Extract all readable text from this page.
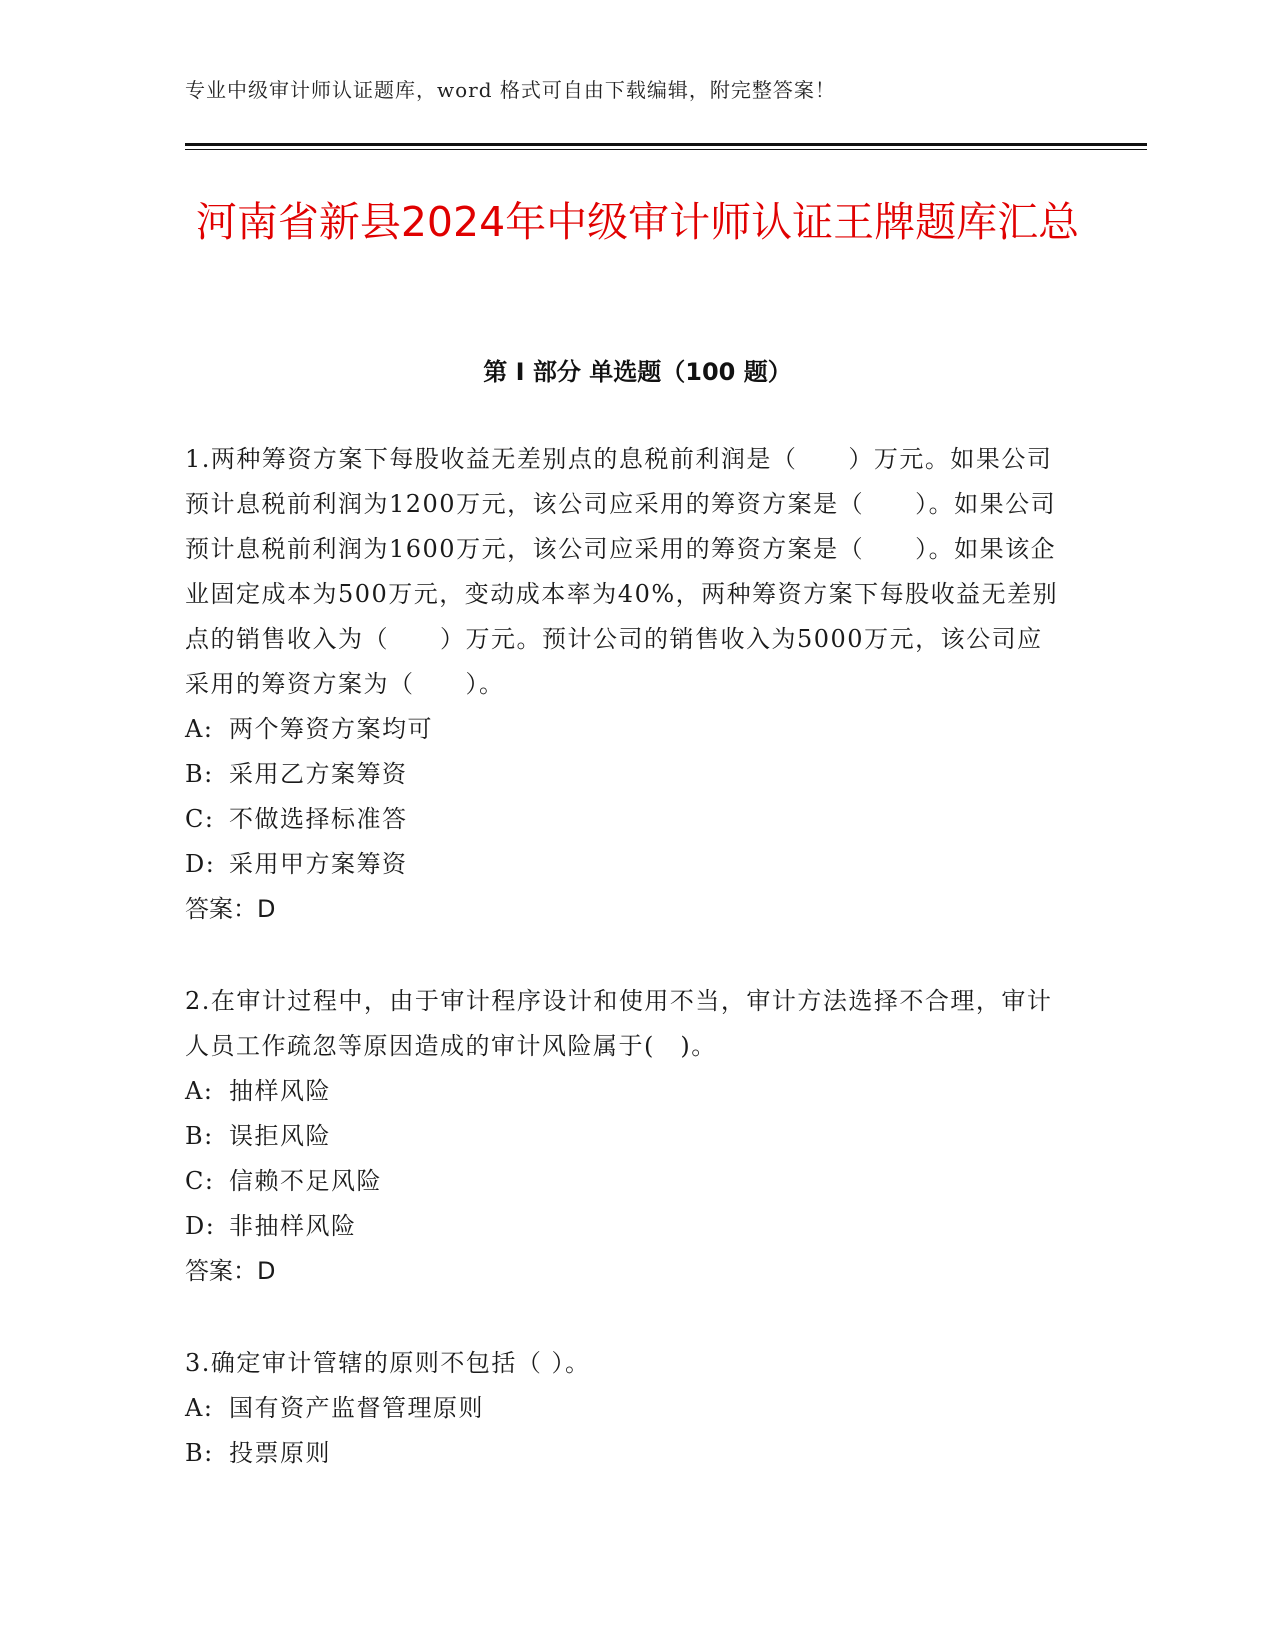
专业中级审计师认证题库，word 格式可自由下载编辑，附完整答案！
河南省新县2024年中级审计师认证王牌题库汇总
第 I 部分 单选题（100 题）

1.两种筹资方案下每股收益无差别点的息税前利润是（　　）万元。如果公司预计息税前利润为1200万元，该公司应采用的筹资方案是（　　）。如果公司预计息税前利润为1600万元，该公司应采用的筹资方案是（　　）。如果该企业固定成本为500万元，变动成本率为40%，两种筹资方案下每股收益无差别点的销售收入为（　　）万元。预计公司的销售收入为5000万元，该公司应采用的筹资方案为（　　）。

A: 两个筹资方案均可

B: 采用乙方案筹资

C: 不做选择标准答

D: 采用甲方案筹资

答案：D

2.在审计过程中，由于审计程序设计和使用不当，审计方法选择不合理，审计人员工作疏忽等原因造成的审计风险属于(　)。

A: 抽样风险

B: 误拒风险

C: 信赖不足风险

D: 非抽样风险

答案：D

3.确定审计管辖的原则不包括（ ）。

A: 国有资产监督管理原则

B: 投票原则
